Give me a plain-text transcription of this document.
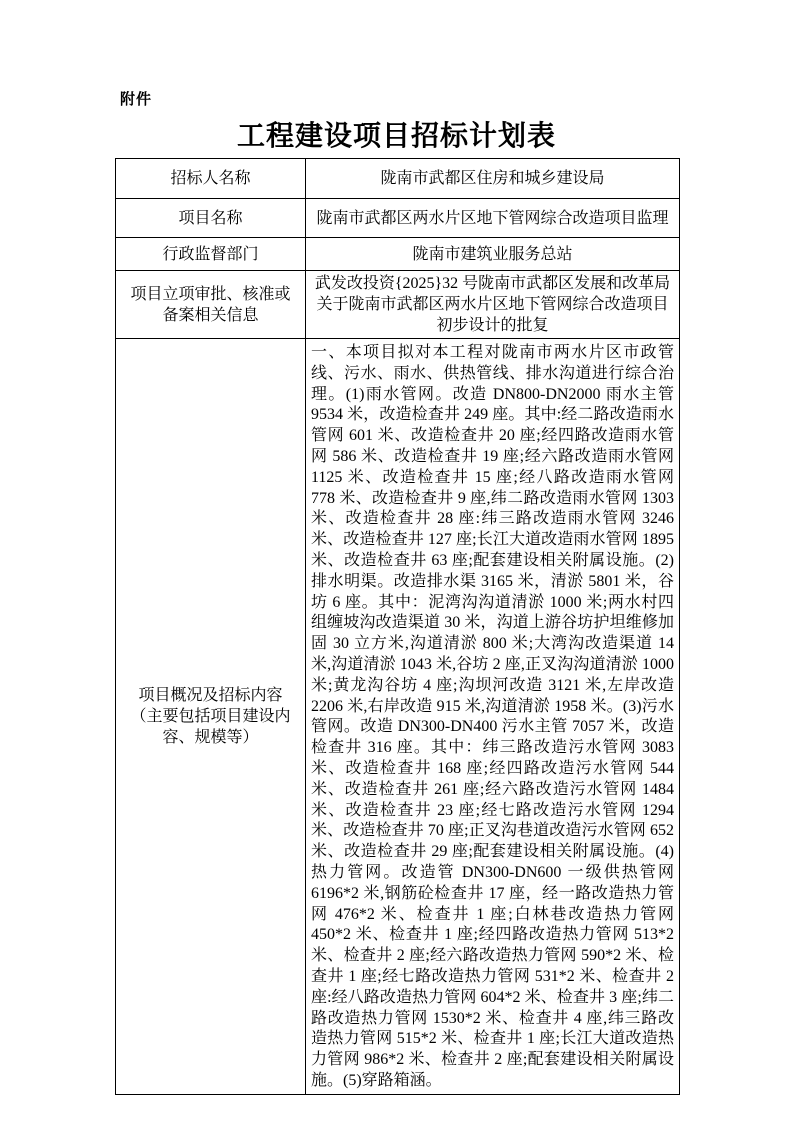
附件
工程建设项目招标计划表
招标人名称	陇南市武都区住房和城乡建设局
项目名称	陇南市武都区两水片区地下管网综合改造项目监理
行政监督部门	陇南市建筑业服务总站
项目立项审批、核准或备案相关信息	武发改投资{2025}32 号陇南市武都区发展和改革局关于陇南市武都区两水片区地下管网综合改造项目初步设计的批复
项目概况及招标内容（主要包括项目建设内容、规模等）	一、本项目拟对本工程对陇南市两水片区市政管线、污水、雨水、供热管线、排水沟道进行综合治理。(1)雨水管网。改造 DN800-DN2000 雨水主管 9534 米，改造检查井 249 座。其中:经二路改造雨水管网 601 米、改造检查井 20 座;经四路改造雨水管网 586 米、改造检查井 19 座;经六路改造雨水管网 1125 米、改造检查井 15 座;经八路改造雨水管网 778 米、改造检查井 9 座,纬二路改造雨水管网 1303 米、改造检查井 28 座:纬三路改造雨水管网 3246 米、改造检查井 127 座;长江大道改造雨水管网 1895 米、改造检查井 63 座;配套建设相关附属设施。(2)排水明渠。改造排水渠 3165 米，清淤 5801 米，谷坊 6 座。其中：泥湾沟沟道清淤 1000 米;两水村四组缠坡沟改造渠道 30 米，沟道上游谷坊护坦维修加固 30 立方米,沟道清淤 800 米;大湾沟改造渠道 14 米,沟道清淤 1043 米,谷坊 2 座,正叉沟沟道清淤 1000 米;黄龙沟谷坊 4 座;沟坝河改造 3121 米,左岸改造 2206 米,右岸改造 915 米,沟道清淤 1958 米。(3)污水管网。改造 DN300-DN400 污水主管 7057 米，改造检查井 316 座。其中：纬三路改造污水管网 3083 米、改造检查井 168 座;经四路改造污水管网 544 米、改造检查井 261 座;经六路改造污水管网 1484 米、改造检查井 23 座;经七路改造污水管网 1294 米、改造检查井 70 座;正叉沟巷道改造污水管网 652 米、改造检查井 29 座;配套建设相关附属设施。(4)热力管网。改造管 DN300-DN600 一级供热管网 6196*2 米,钢筋砼检查井 17 座，经一路改造热力管网 476*2 米、检查井 1 座;白林巷改造热力管网 450*2 米、检查井 1 座;经四路改造热力管网 513*2 米、检查井 2 座;经六路改造热力管网 590*2 米、检查井 1 座;经七路改造热力管网 531*2 米、检查井 2 座:经八路改造热力管网 604*2 米、检查井 3 座;纬二路改造热力管网 1530*2 米、检查井 4 座,纬三路改造热力管网 515*2 米、检查井 1 座;长江大道改造热力管网 986*2 米、检查井 2 座;配套建设相关附属设施。(5)穿路箱涵。
